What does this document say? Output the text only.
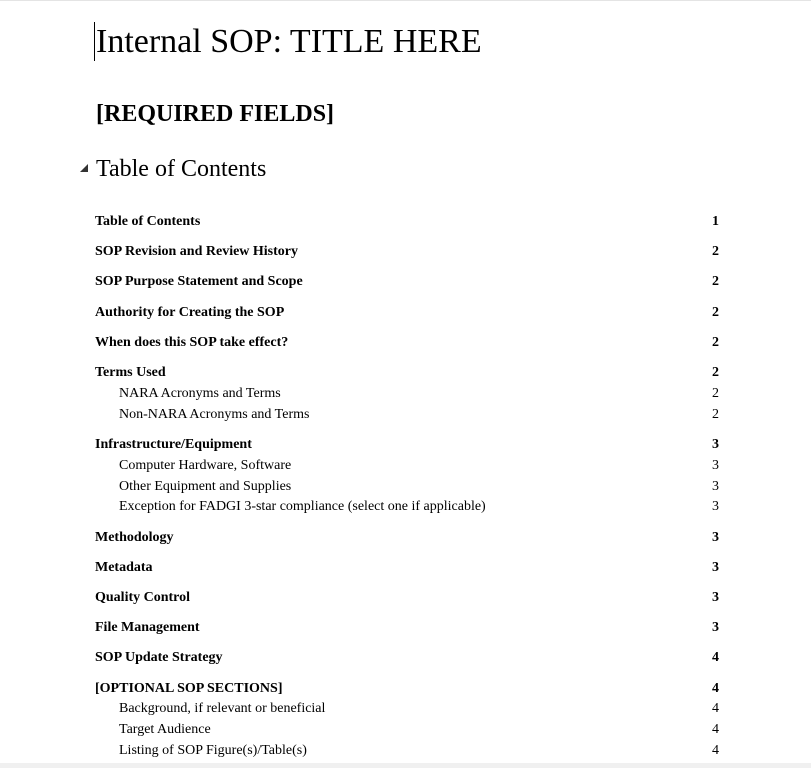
Internal SOP: TITLE HERE
[REQUIRED FIELDS]
Table of Contents
Table of Contents	1
SOP Revision and Review History	2
SOP Purpose Statement and Scope	2
Authority for Creating the SOP	2
When does this SOP take effect?	2
Terms Used	2
NARA Acronyms and Terms	2
Non-NARA Acronyms and Terms	2
Infrastructure/Equipment	3
Computer Hardware, Software	3
Other Equipment and Supplies	3
Exception for FADGI 3-star compliance (select one if applicable)	3
Methodology	3
Metadata	3
Quality Control	3
File Management	3
SOP Update Strategy	4
[OPTIONAL SOP SECTIONS]	4
Background, if relevant or beneficial	4
Target Audience	4
Listing of SOP Figure(s)/Table(s)	4
